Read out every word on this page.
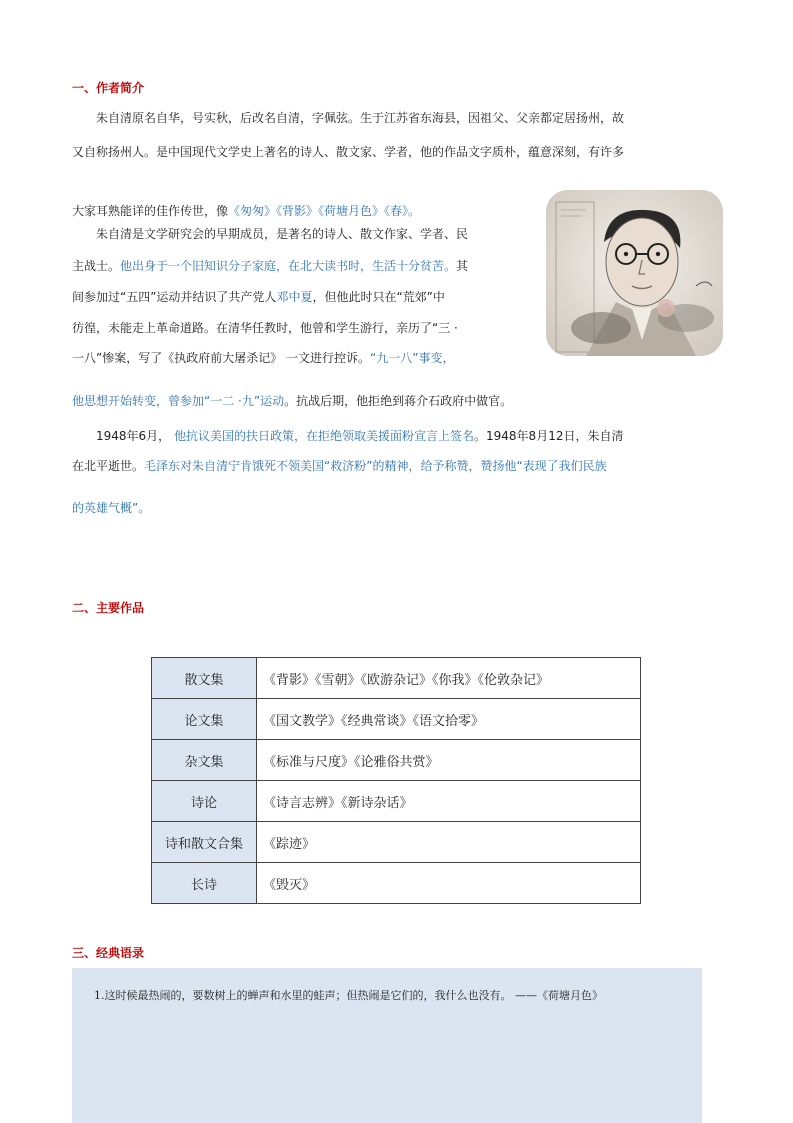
一、作者简介

朱自清原名自华，号实秋，后改名自清，字佩弦。生于江苏省东海县，因祖父、父亲都定居扬州，故

又自称扬州人。是中国现代文学史上著名的诗人、散文家、学者，他的作品文字质朴，蕴意深刻，有许多

大家耳熟能详的佳作传世，像《匆匆》《背影》《荷塘月色》《春》。

朱自清是文学研究会的早期成员，是著名的诗人、散文作家、学者、民

主战士。他出身于一个旧知识分子家庭，在北大读书时，生活十分贫苦。其

间参加过“五四”运动并结识了共产党人邓中夏，但他此时只在“荒郊”中

彷徨，未能走上革命道路。在清华任教时，他曾和学生游行，亲历了“三 ·

一八”惨案，写了《执政府前大屠杀记》 一文进行控诉。“九一八”事变，

他思想开始转变，曾参加“一二 ·九”运动。抗战后期，他拒绝到蒋介石政府中做官。

1948年6月， 他抗议美国的扶日政策，在拒绝领取美援面粉宣言上签名。1948年8月12日，朱自清

在北平逝世。毛泽东对朱自清宁肯饿死不领美国“救济粉”的精神，给予称赞，赞扬他“表现了我们民族

的英雄气概”。

二、主要作品
散文集	《背影》《雪朝》《欧游杂记》《你我》《伦敦杂记》
论文集	《国文教学》《经典常谈》《语文拾零》
杂文集	《标准与尺度》《论雅俗共赏》
诗论	《诗言志辨》《新诗杂话》
诗和散文合集	《踪迹》
长诗	《毁灭》
三、经典语录

1.这时候最热闹的，要数树上的蝉声和水里的蛙声；但热闹是它们的，我什么也没有。 ——《荷塘月色》
